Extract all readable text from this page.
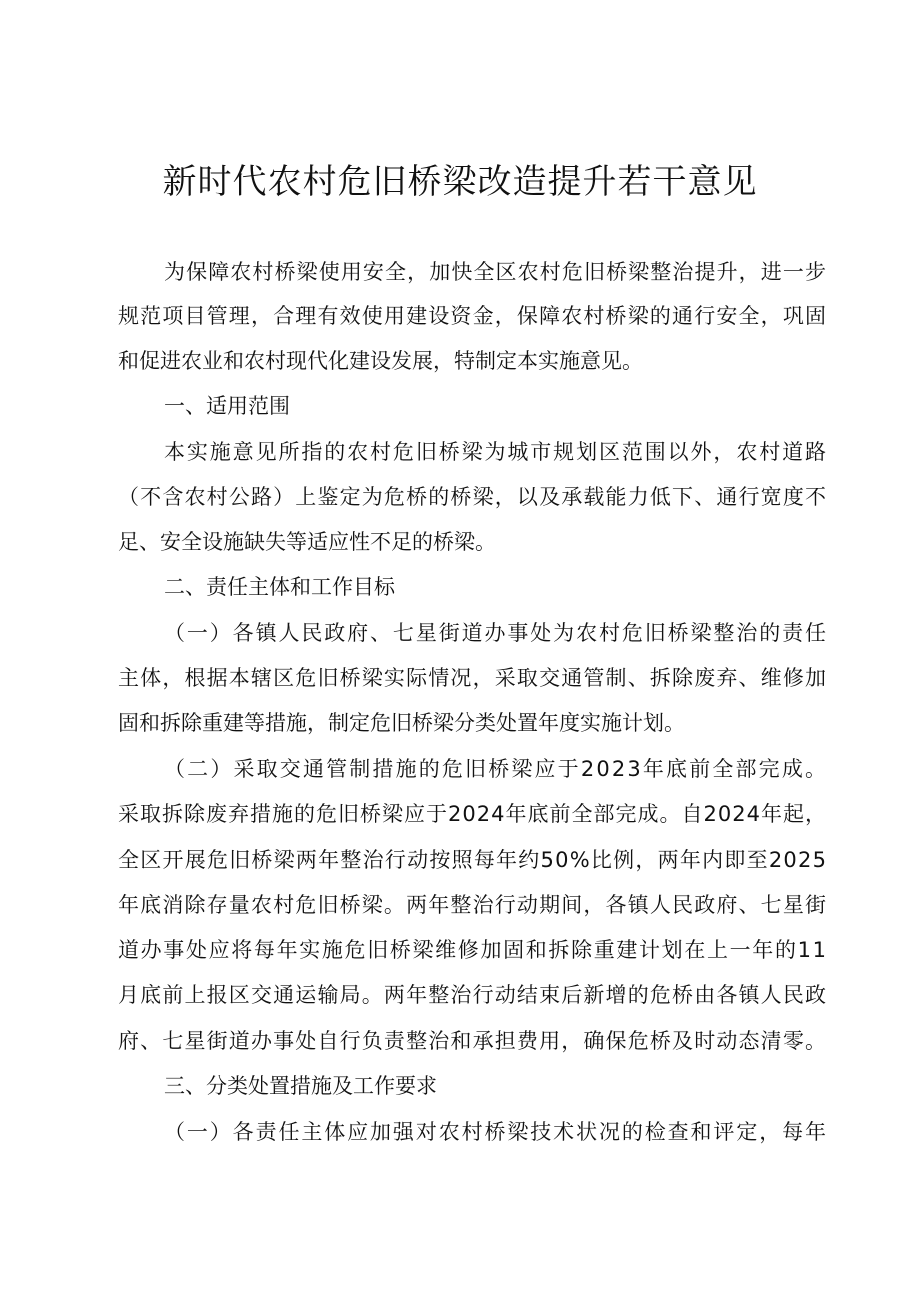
新时代农村危旧桥梁改造提升若干意见

为保障农村桥梁使用安全，加快全区农村危旧桥梁整治提升，进一步

规范项目管理，合理有效使用建设资金，保障农村桥梁的通行安全，巩固

和促进农业和农村现代化建设发展，特制定本实施意见。

一、适用范围

本实施意见所指的农村危旧桥梁为城市规划区范围以外，农村道路

（不含农村公路）上鉴定为危桥的桥梁，以及承载能力低下、通行宽度不

足、安全设施缺失等适应性不足的桥梁。

二、责任主体和工作目标

（一）各镇人民政府、七星街道办事处为农村危旧桥梁整治的责任

主体，根据本辖区危旧桥梁实际情况，采取交通管制、拆除废弃、维修加

固和拆除重建等措施，制定危旧桥梁分类处置年度实施计划。

（二）采取交通管制措施的危旧桥梁应于2023年底前全部完成。

采取拆除废弃措施的危旧桥梁应于2024年底前全部完成。自2024年起，

全区开展危旧桥梁两年整治行动按照每年约50%比例，两年内即至2025

年底消除存量农村危旧桥梁。两年整治行动期间，各镇人民政府、七星街

道办事处应将每年实施危旧桥梁维修加固和拆除重建计划在上一年的11

月底前上报区交通运输局。两年整治行动结束后新增的危桥由各镇人民政

府、七星街道办事处自行负责整治和承担费用，确保危桥及时动态清零。

三、分类处置措施及工作要求

（一）各责任主体应加强对农村桥梁技术状况的检查和评定，每年
